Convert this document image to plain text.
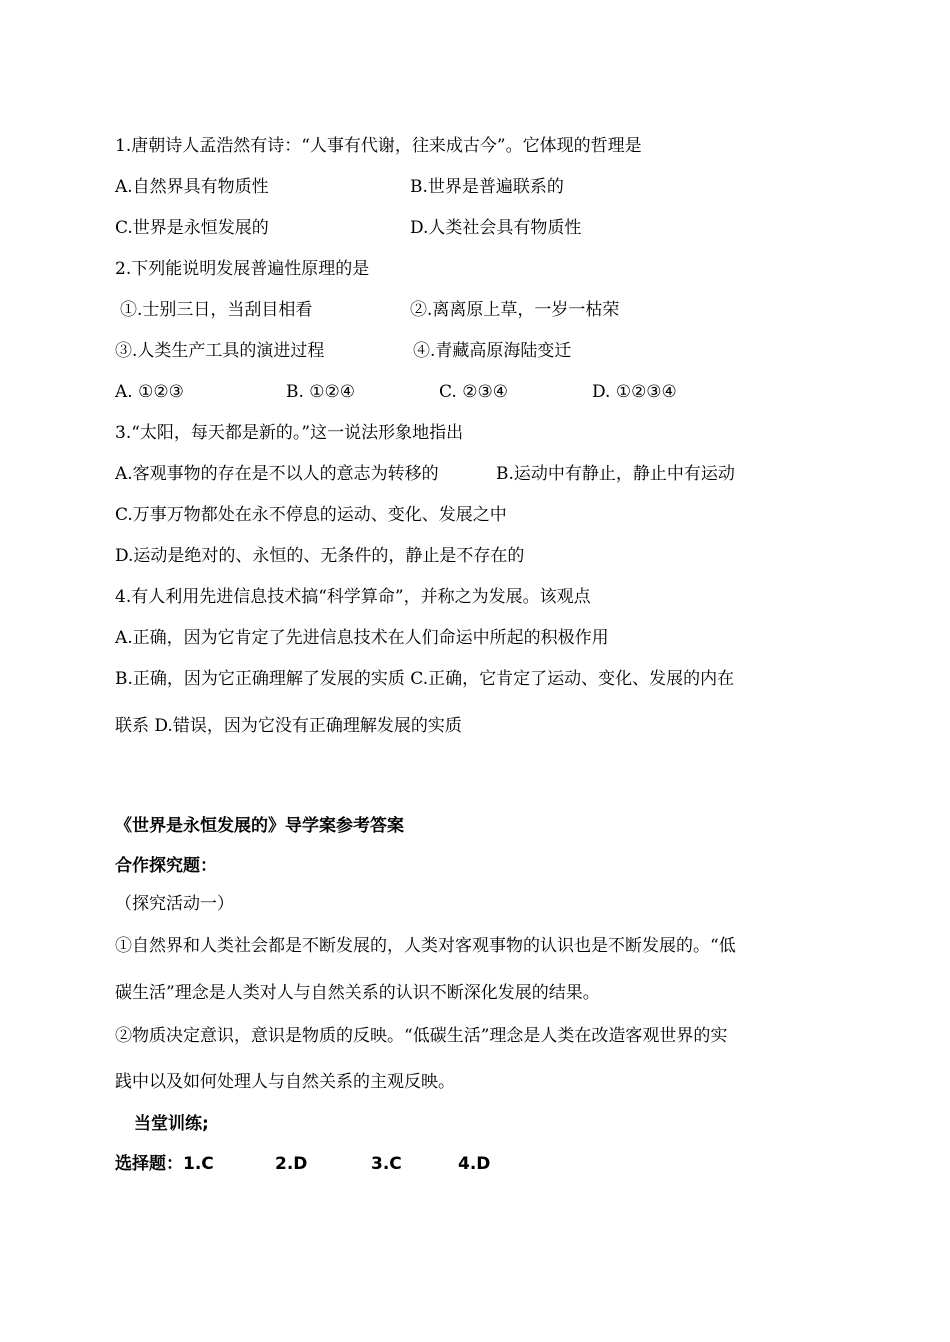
1.唐朝诗人孟浩然有诗：“人事有代谢，往来成古今”。它体现的哲理是
A.自然界具有物质性	B.世界是普遍联系的
C.世界是永恒发展的	D.人类社会具有物质性
2.下列能说明发展普遍性原理的是
①.士别三日，当刮目相看	②.离离原上草，一岁一枯荣
③.人类生产工具的演进过程	④.青藏高原海陆变迁
A. ①②③	B. ①②④	C. ②③④	D. ①②③④
3.“太阳，每天都是新的。”这一说法形象地指出
A.客观事物的存在是不以人的意志为转移的	B.运动中有静止，静止中有运动
C.万事万物都处在永不停息的运动、变化、发展之中
D.运动是绝对的、永恒的、无条件的，静止是不存在的
4.有人利用先进信息技术搞“科学算命”，并称之为发展。该观点
A.正确，因为它肯定了先进信息技术在人们命运中所起的积极作用
B.正确，因为它正确理解了发展的实质 C.正确，它肯定了运动、变化、发展的内在
联系 D.错误，因为它没有正确理解发展的实质
《世界是永恒发展的》导学案参考答案
合作探究题：
（探究活动一）
①自然界和人类社会都是不断发展的，人类对客观事物的认识也是不断发展的。“低
碳生活”理念是人类对人与自然关系的认识不断深化发展的结果。
②物质决定意识，意识是物质的反映。“低碳生活”理念是人类在改造客观世界的实
践中以及如何处理人与自然关系的主观反映。
当堂训练;
选择题：1.C	2.D	3.C	4.D
